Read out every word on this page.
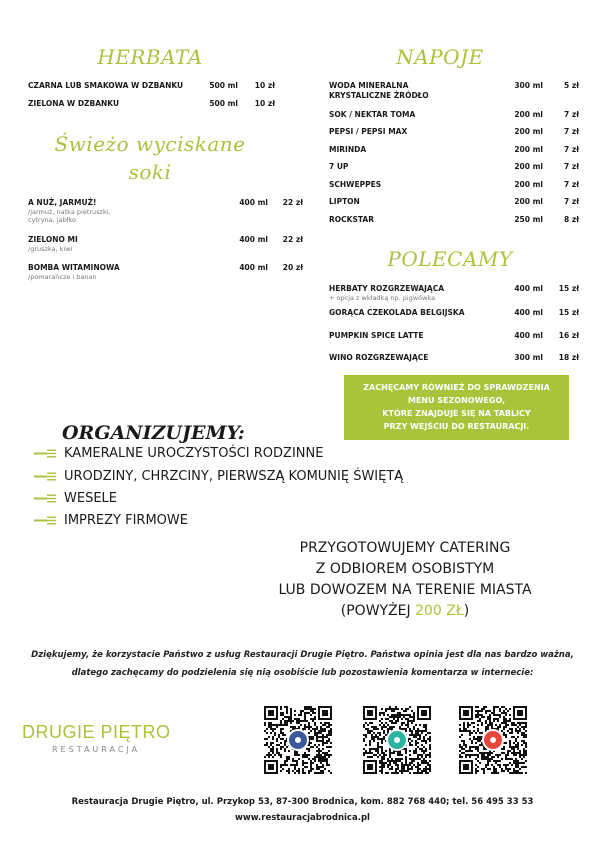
HERBATA
CZARNA LUB SMAKOWA W DZBANKU	500 ml	10 zł
ZIELONA W DZBANKU	500 ml	10 zł
Świeżo wyciskane
soki
A NUŻ, JARMUŻ!
/jarmuż, natka pietruszki,
cytryna, jabłko
400 ml	22 zł
ZIELONO MI
/gruszka, kiwi
400 ml	22 zł
BOMBA WITAMINOWA
/pomarańcze i banan
400 ml	20 zł
NAPOJE
WODA MINERALNA
KRYSTALICZNE ŹRÓDŁO
300 ml	5 zł
SOK / NEKTAR TOMA	200 ml	7 zł
PEPSI / PEPSI MAX	200 ml	7 zł
MIRINDA	200 ml	7 zł
7 UP	200 ml	7 zł
SCHWEPPES	200 ml	7 zł
LIPTON	200 ml	7 zł
ROCKSTAR	250 ml	8 zł
POLECAMY
HERBATY ROZGRZEWAJĄCA
+ opcja z wkładką np. pigwówka
400 ml	15 zł
GORĄCA CZEKOLADA BELGIJSKA	400 ml	15 zł
PUMPKIN SPICE LATTE	400 ml	16 zł
WINO ROZGRZEWAJĄCE	300 ml	18 zł
ZACHĘCAMY RÓWNIEŻ DO SPRAWDZENIA
MENU SEZONOWEGO,
KTÓRE ZNAJDUJE SIĘ NA TABLICY
PRZY WEJŚCIU DO RESTAURACJI.
ORGANIZUJEMY:
KAMERALNE UROCZYSTOŚCI RODZINNE
URODZINY, CHRZCINY, PIERWSZĄ KOMUNIĘ ŚWIĘTĄ
WESELE
IMPREZY FIRMOWE
PRZYGOTOWUJEMY CATERING
Z ODBIOREM OSOBISTYM
LUB DOWOZEM NA TERENIE MIASTA
(POWYŻEJ 200 ZŁ)
Dziękujemy, że korzystacie Państwo z usług Restauracji Drugie Piętro. Państwa opinia jest dla nas bardzo ważna,
dlatego zachęcamy do podzielenia się nią osobiście lub pozostawienia komentarza w internecie:
DRUGIE PIĘTRO
RESTAURACJA
Restauracja Drugie Piętro, ul. Przykop 53, 87-300 Brodnica, kom. 882 768 440; tel. 56 495 33 53
www.restauracjabrodnica.pl
